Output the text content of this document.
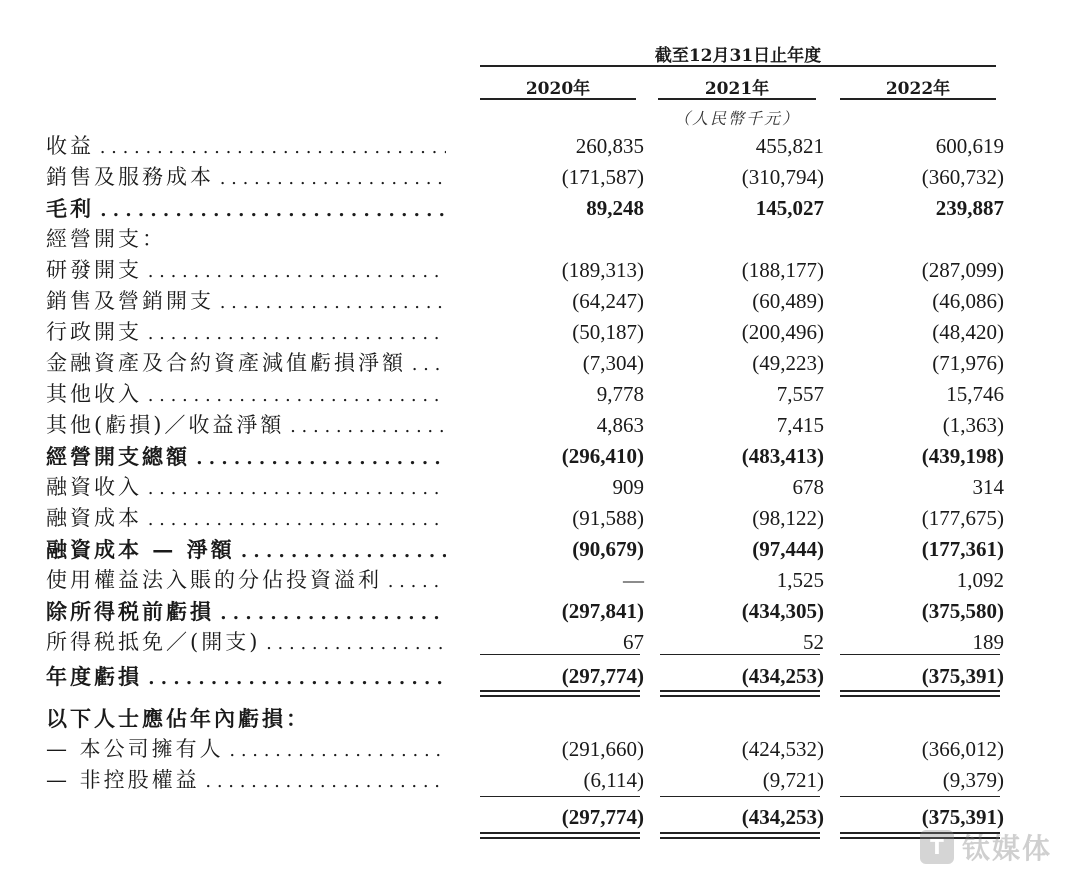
截至12月31日止年度
2020年	2021年	2022年
（人民幣千元）
收益 . . .	260,835	455,821	600,619
銷售及服務成本 . . .	(171,587)	(310,794)	(360,732)
毛利 . . .	89,248	145,027	239,887
經營開支：
研發開支 . . .	(189,313)	(188,177)	(287,099)
銷售及營銷開支 . . .	(64,247)	(60,489)	(46,086)
行政開支 . . .	(50,187)	(200,496)	(48,420)
金融資產及合約資產減值虧損淨額 . . .	(7,304)	(49,223)	(71,976)
其他收入 . . .	9,778	7,557	15,746
其他(虧損)／收益淨額 . . .	4,863	7,415	(1,363)
經營開支總額 . . .	(296,410)	(483,413)	(439,198)
融資收入 . . .	909	678	314
融資成本 . . .	(91,588)	(98,122)	(177,675)
融資成本 — 淨額 . . .	(90,679)	(97,444)	(177,361)
使用權益法入賬的分佔投資溢利 . . .	—	1,525	1,092
除所得税前虧損 . . .	(297,841)	(434,305)	(375,580)
所得税抵免／(開支) . . .	67	52	189
年度虧損 . . .	(297,774)	(434,253)	(375,391)
以下人士應佔年內虧損：
— 本公司擁有人 . . .	(291,660)	(424,532)	(366,012)
— 非控股權益 . . .	(6,114)	(9,721)	(9,379)
(297,774)	(434,253)	(375,391)
T 钛媒体
